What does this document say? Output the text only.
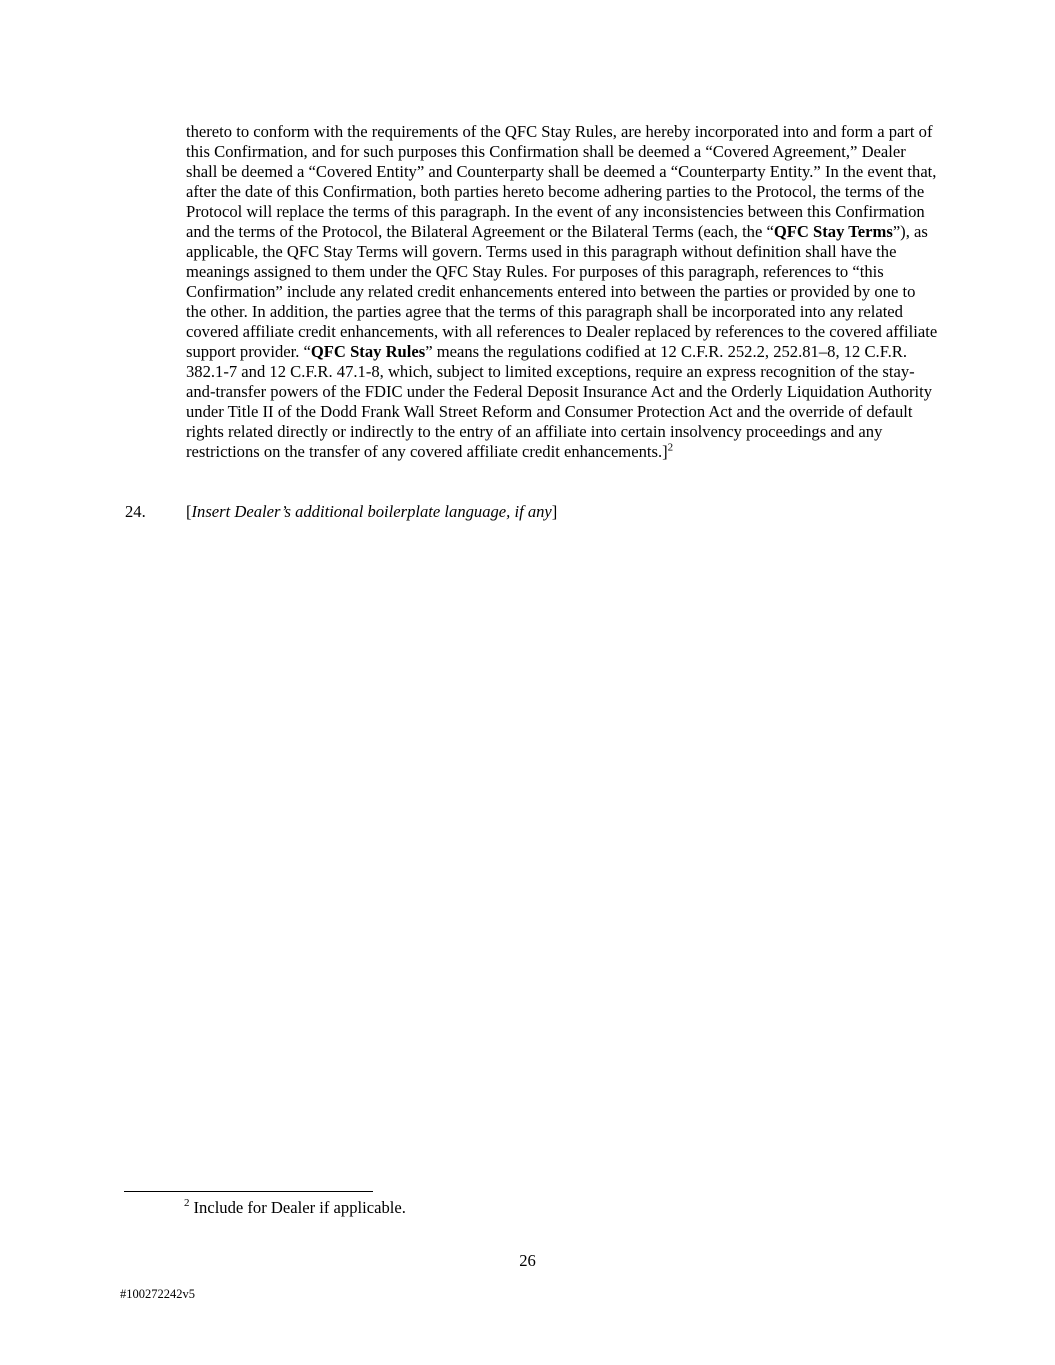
thereto to conform with the requirements of the QFC Stay Rules, are hereby incorporated into and form a part of this Confirmation, and for such purposes this Confirmation shall be deemed a “Covered Agreement,” Dealer shall be deemed a “Covered Entity” and Counterparty shall be deemed a “Counterparty Entity.” In the event that, after the date of this Confirmation, both parties hereto become adhering parties to the Protocol, the terms of the Protocol will replace the terms of this paragraph. In the event of any inconsistencies between this Confirmation and the terms of the Protocol, the Bilateral Agreement or the Bilateral Terms (each, the “QFC Stay Terms”), as applicable, the QFC Stay Terms will govern. Terms used in this paragraph without definition shall have the meanings assigned to them under the QFC Stay Rules. For purposes of this paragraph, references to “this Confirmation” include any related credit enhancements entered into between the parties or provided by one to the other. In addition, the parties agree that the terms of this paragraph shall be incorporated into any related covered affiliate credit enhancements, with all references to Dealer replaced by references to the covered affiliate support provider. “QFC Stay Rules” means the regulations codified at 12 C.F.R. 252.2, 252.81–8, 12 C.F.R. 382.1-7 and 12 C.F.R. 47.1-8, which, subject to limited exceptions, require an express recognition of the stay-and-transfer powers of the FDIC under the Federal Deposit Insurance Act and the Orderly Liquidation Authority under Title II of the Dodd Frank Wall Street Reform and Consumer Protection Act and the override of default rights related directly or indirectly to the entry of an affiliate into certain insolvency proceedings and any restrictions on the transfer of any covered affiliate credit enhancements.]$^2$
24. [Insert Dealer’s additional boilerplate language, if any]
$^2$ Include for Dealer if applicable.
26
#100272242v5
